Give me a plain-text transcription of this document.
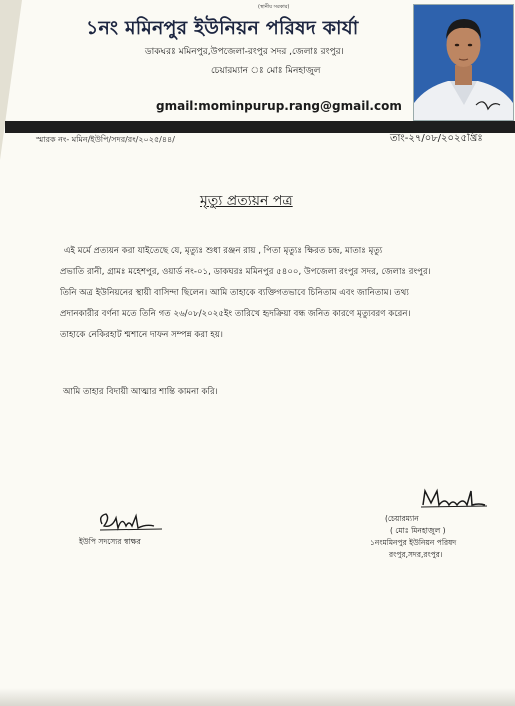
(স্থানীয় সরকার)
১নং মমিনপুর ইউনিয়ন পরিষদ কার্যা
ডাকঘরঃ মমিনপুর,উপজেলা-রংপুর সদর ,জেলাঃ রংপুর।
চেয়ারম্যান ঃ মোঃ মিনহাজুল
gmail:mominpurup.rang@gmail.com
স্মারক নং- মমিন/ইউপি/সদর/রং/২০২৫/৪৪/	তাং-২৭/০৮/২০২৫খ্রিঃ
মৃত্যু প্রত্যয়ন পত্র
এই মর্মে প্রত্যয়ন করা যাইতেছে যে, মৃত্যুঃ শুধা রঞ্জন রায় , পিতা মৃত্যুঃ ক্ষিরত চন্দ্র, মাতাঃ মৃত্যু
প্রভাতি রানী, গ্রামঃ মহেশপুর, ওয়ার্ড নং-০১, ডাকঘরঃ মমিনপুর ৫৪০০, উপজেলা রংপুর সদর, জেলাঃ রংপুর।
তিনি অত্র ইউনিয়নের স্থায়ী বাসিন্দা ছিলেন। আমি তাহাকে ব্যক্তিগতভাবে চিনিতাম এবং জানিতাম। তথ্য
প্রদানকারীর বর্ণনা মতে তিনি গত ২৬/০৮/২০২৫ইং তারিখে হৃদক্রিয়া বন্ধ জনিত কারণে মৃত্যুবরণ করেন।
তাহাকে নেকিরহাট শ্মশানে দাফন সম্পন্ন করা হয়।
আমি তাহার বিদায়ী আত্মার শান্তি কামনা করি।
ইউপি সদস্যের স্বাক্ষর
(চেয়ারম্যান
( মোঃ মিনহাজুল )
১নংমমিনপুর ইউনিয়ন পরিষদ
রংপুর,সদর,রংপুর।
